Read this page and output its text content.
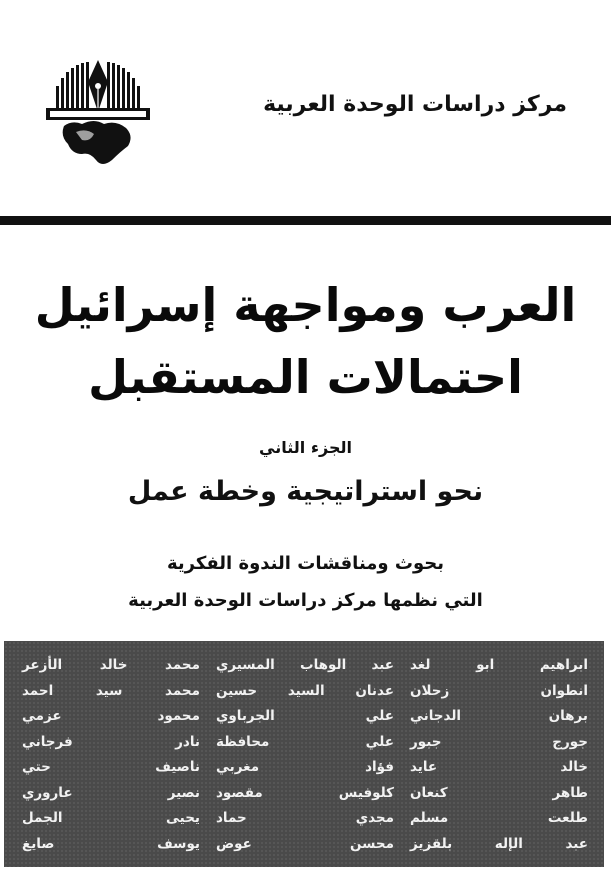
مركز دراسات الوحدة العربية
العرب ومواجهة إسرائيل
احتمالات المستقبل
الجزء الثاني
نحو استراتيجية وخطة عمل
بحوث ومناقشات الندوة الفكرية
التي نظمها مركز دراسات الوحدة العربية
ابراهيم ابو لغد
انطوان زحلان
برهان الدجاني
جورج جبور
خالد عايد
طاهر كنعان
طلعت مسلم
عبد الإله بلقزيز
عبد الوهاب المسيري
عدنان السيد حسين
علي الجرباوي
علي محافظة
فؤاد مغربي
كلوفيس مقصود
مجدي حماد
محسن عوض
محمد خالد الأزعر
محمد سيد احمد
محمود عزمي
نادر فرجاني
ناصيف حتي
نصير عاروري
يحيى الجمل
يوسف صايغ
